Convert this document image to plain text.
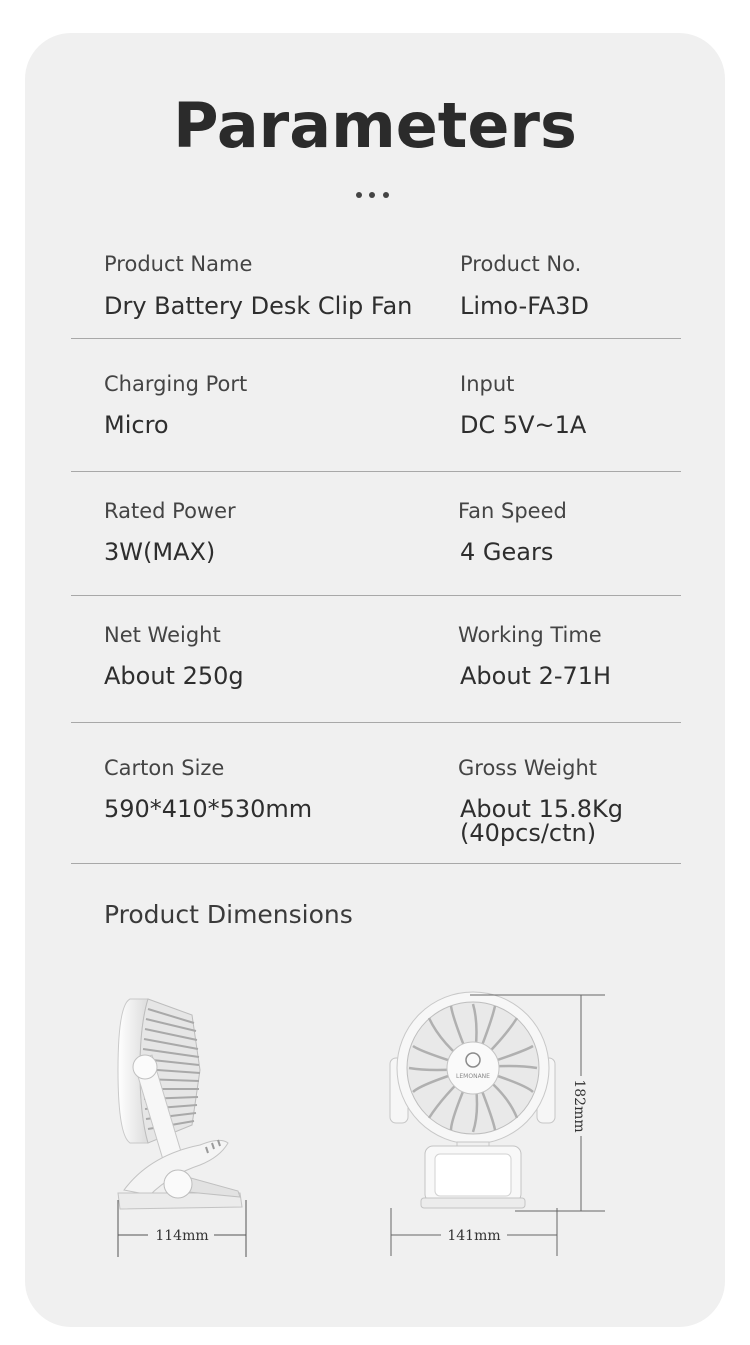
Parameters
Product Name
Dry Battery Desk Clip Fan
Product No.
Limo-FA3D
Charging Port
Micro
Input
DC 5V~1A
Rated Power
3W(MAX)
Fan Speed
4 Gears
Net Weight
About 250g
Working Time
About 2-71H
Carton Size
590*410*530mm
Gross Weight
About 15.8Kg
(40pcs/ctn)
Product Dimensions
114mm
LEMONANE
182mm
141mm
